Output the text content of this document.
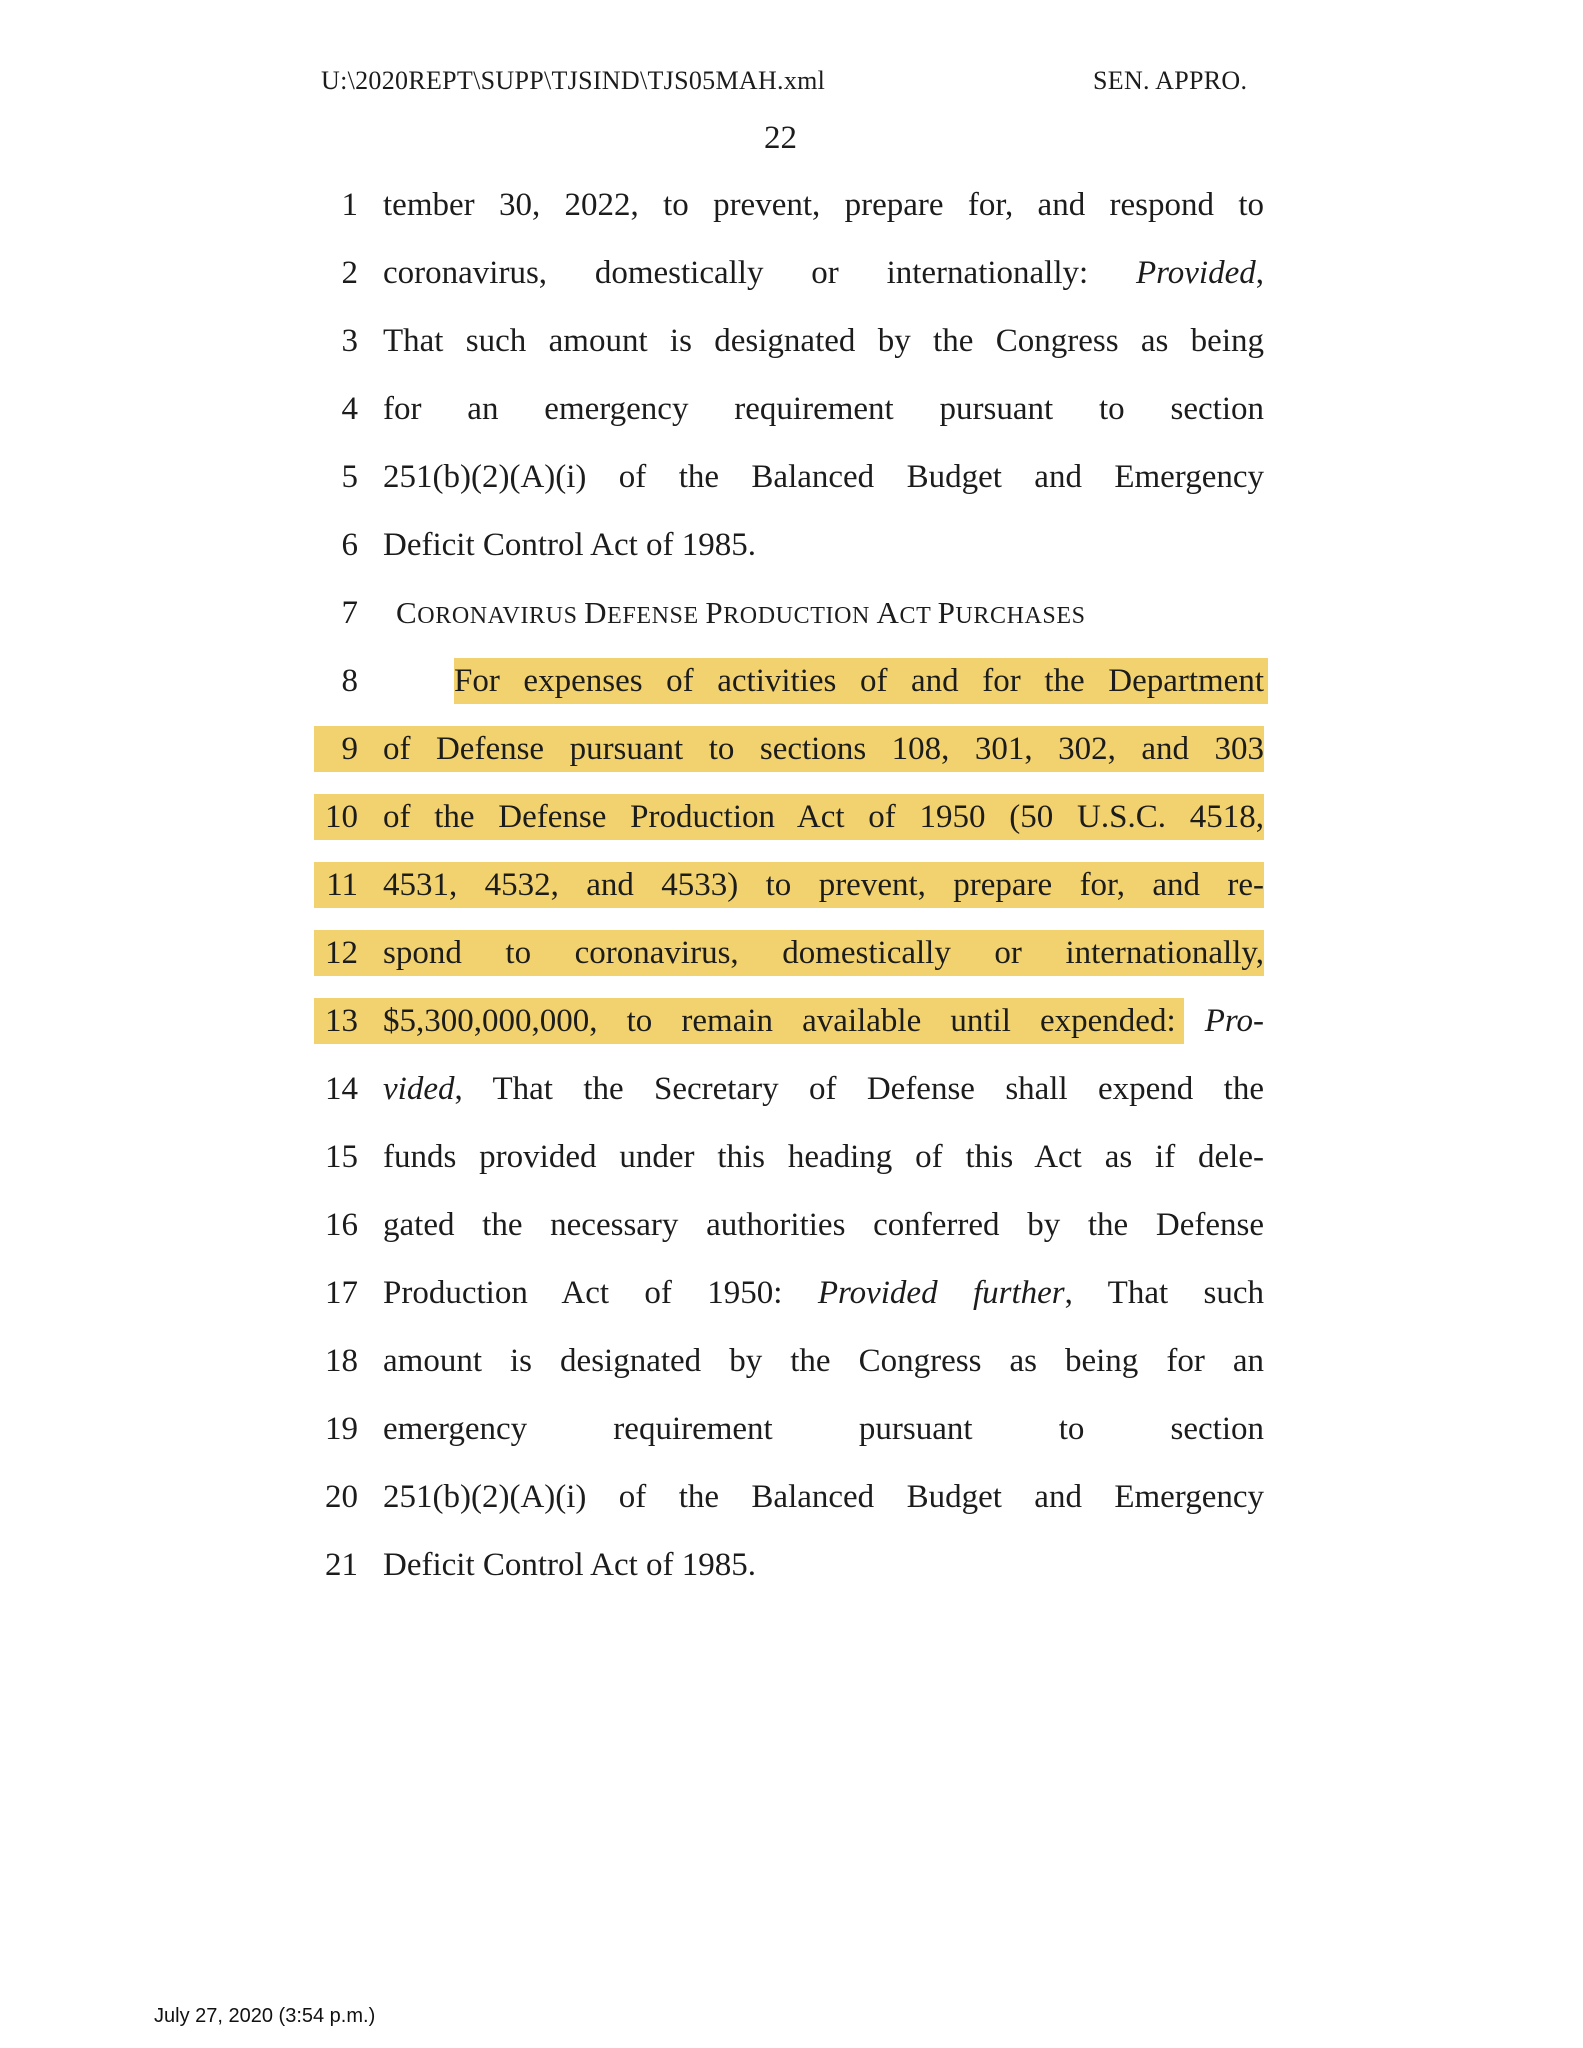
U:\2020REPT\SUPP\TJSIND\TJS05MAH.xml	SEN. APPRO.
22
1 tember 30, 2022, to prevent, prepare for, and respond to
2 coronavirus, domestically or internationally: Provided,
3 That such amount is designated by the Congress as being
4 for an emergency requirement pursuant to section
5 251(b)(2)(A)(i) of the Balanced Budget and Emergency
6 Deficit Control Act of 1985.
7 CORONAVIRUS DEFENSE PRODUCTION ACT PURCHASES
8	For expenses of activities of and for the Department
9 of Defense pursuant to sections 108, 301, 302, and 303
10 of the Defense Production Act of 1950 (50 U.S.C. 4518,
11 4531, 4532, and 4533) to prevent, prepare for, and re-
12 spond to coronavirus, domestically or internationally,
13 $5,300,000,000, to remain available until expended: Pro-
14 vided, That the Secretary of Defense shall expend the
15 funds provided under this heading of this Act as if dele-
16 gated the necessary authorities conferred by the Defense
17 Production Act of 1950: Provided further, That such
18 amount is designated by the Congress as being for an
19 emergency requirement pursuant to section
20 251(b)(2)(A)(i) of the Balanced Budget and Emergency
21 Deficit Control Act of 1985.
July 27, 2020 (3:54 p.m.)
